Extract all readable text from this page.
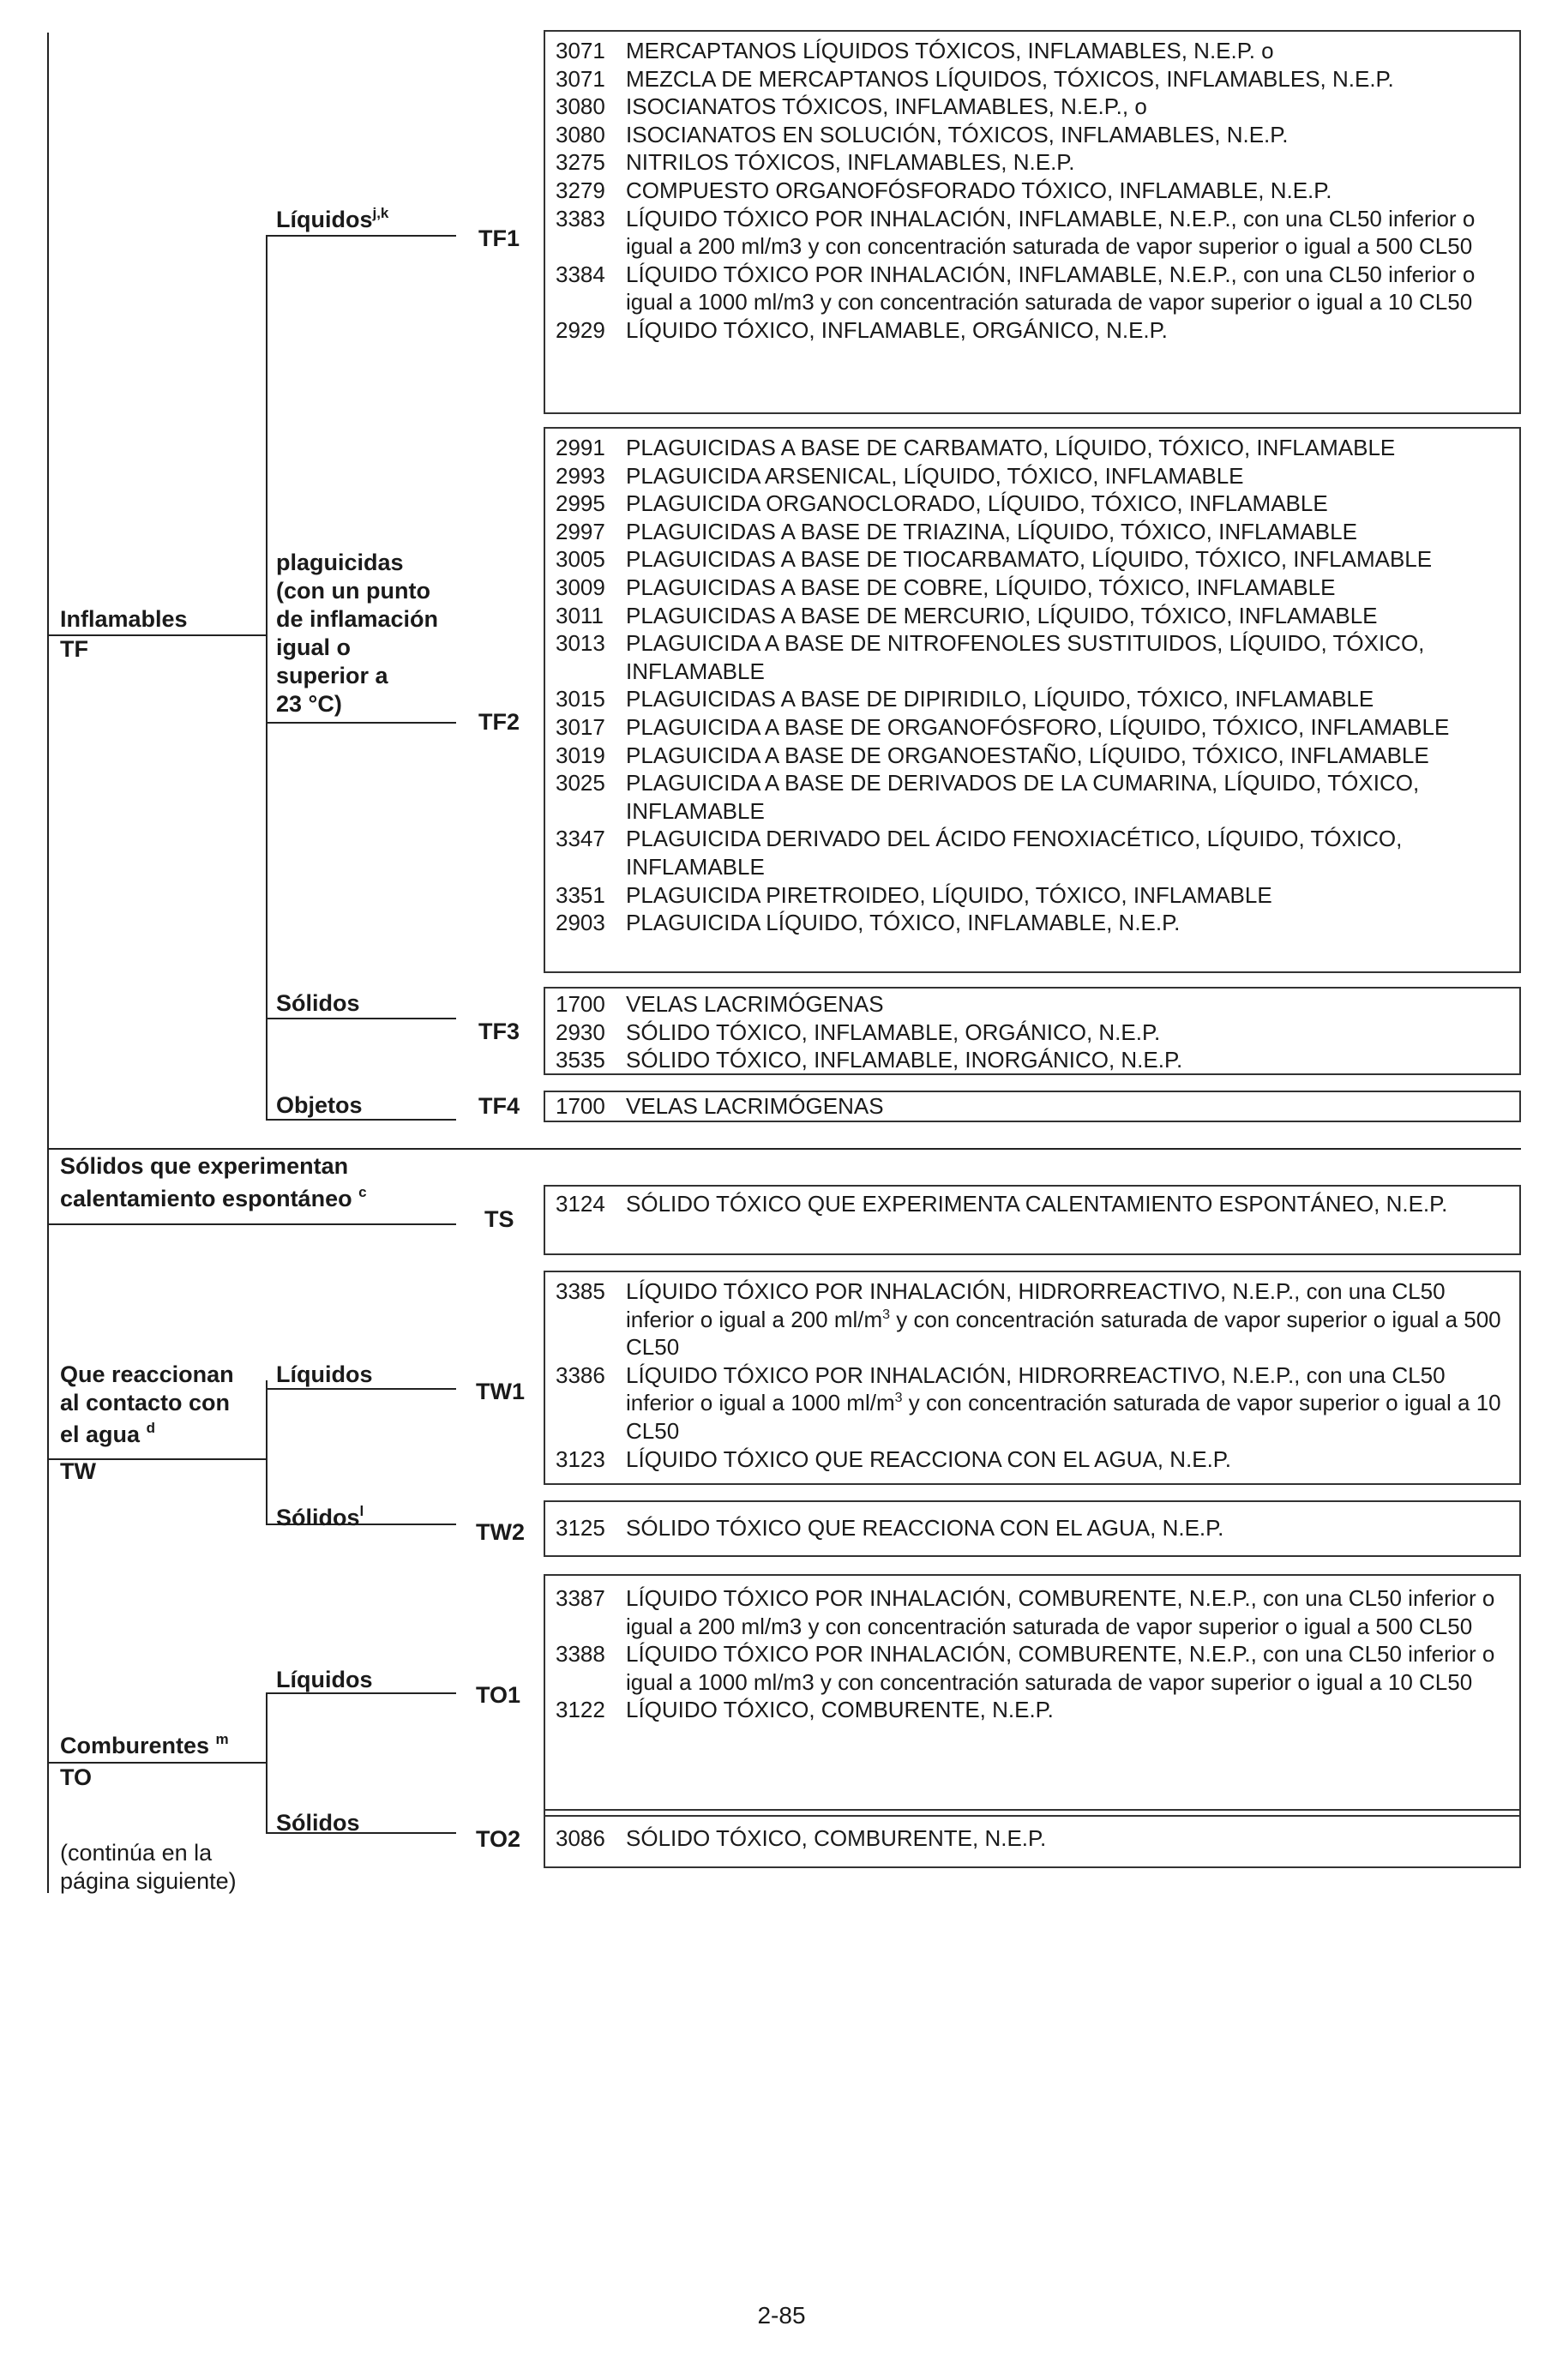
Inflamables
TF
Sólidos que experimentan
calentamiento espontáneo $^c$
Que reaccionan
al contacto con
el agua $^d$
TW
Comburentes $^m$
TO
(continúa en la
página siguiente)
Líquidos$^{j,k}$
plaguicidas
(con un punto
de inflamación
igual o
superior a
23 °C)
Sólidos
Objetos
Líquidos
Sólidos$^l$
Líquidos
Sólidos
TF1
TF2
TF3
TF4
TS
TW1
TW2
TO1
TO2
3071 MERCAPTANOS LÍQUIDOS TÓXICOS, INFLAMABLES, N.E.P. o
3071 MEZCLA DE MERCAPTANOS LÍQUIDOS, TÓXICOS, INFLAMABLES, N.E.P.
3080 ISOCIANATOS TÓXICOS, INFLAMABLES, N.E.P., o
3080 ISOCIANATOS EN SOLUCIÓN, TÓXICOS, INFLAMABLES, N.E.P.
3275 NITRILOS TÓXICOS, INFLAMABLES, N.E.P.
3279 COMPUESTO ORGANOFÓSFORADO TÓXICO, INFLAMABLE, N.E.P.
3383 LÍQUIDO TÓXICO POR INHALACIÓN, INFLAMABLE, N.E.P., con una CL50 inferior o igual a 200 ml/m3 y con concentración saturada de vapor superior o igual a 500 CL50
3384 LÍQUIDO TÓXICO POR INHALACIÓN, INFLAMABLE, N.E.P., con una CL50 inferior o igual a 1000 ml/m3 y con concentración saturada de vapor superior o igual a 10 CL50
2929 LÍQUIDO TÓXICO, INFLAMABLE, ORGÁNICO, N.E.P.
2991 PLAGUICIDAS A BASE DE CARBAMATO, LÍQUIDO, TÓXICO, INFLAMABLE
2993 PLAGUICIDA ARSENICAL, LÍQUIDO, TÓXICO, INFLAMABLE
2995 PLAGUICIDA ORGANOCLORADO, LÍQUIDO, TÓXICO, INFLAMABLE
2997 PLAGUICIDAS A BASE DE TRIAZINA, LÍQUIDO, TÓXICO, INFLAMABLE
3005 PLAGUICIDAS A BASE DE TIOCARBAMATO, LÍQUIDO, TÓXICO, INFLAMABLE
3009 PLAGUICIDAS A BASE DE COBRE, LÍQUIDO, TÓXICO, INFLAMABLE
3011	PLAGUICIDAS A BASE DE MERCURIO, LÍQUIDO, TÓXICO, INFLAMABLE
3013 PLAGUICIDA A BASE DE NITROFENOLES SUSTITUIDOS, LÍQUIDO, TÓXICO, INFLAMABLE
3015 PLAGUICIDAS A BASE DE DIPIRIDILO, LÍQUIDO, TÓXICO, INFLAMABLE
3017 PLAGUICIDA A BASE DE ORGANOFÓSFORO, LÍQUIDO, TÓXICO, INFLAMABLE
3019 PLAGUICIDA A BASE DE ORGANOESTAÑO, LÍQUIDO, TÓXICO, INFLAMABLE
3025 PLAGUICIDA A BASE DE DERIVADOS DE LA CUMARINA, LÍQUIDO, TÓXICO, INFLAMABLE
3347 PLAGUICIDA DERIVADO DEL ÁCIDO FENOXIACÉTICO, LÍQUIDO, TÓXICO, INFLAMABLE
3351 PLAGUICIDA PIRETROIDEO, LÍQUIDO, TÓXICO, INFLAMABLE
2903 PLAGUICIDA LÍQUIDO, TÓXICO, INFLAMABLE, N.E.P.
1700 VELAS LACRIMÓGENAS
2930 SÓLIDO TÓXICO, INFLAMABLE, ORGÁNICO, N.E.P.
3535 SÓLIDO TÓXICO, INFLAMABLE, INORGÁNICO, N.E.P.
1700 VELAS LACRIMÓGENAS
3124 SÓLIDO TÓXICO QUE EXPERIMENTA CALENTAMIENTO ESPONTÁNEO, N.E.P.
3385 LÍQUIDO TÓXICO POR INHALACIÓN, HIDRORREACTIVO, N.E.P., con una CL50 inferior o igual a 200 $ml/m^3$ y con concentración saturada de vapor superior o igual a 500 CL50
3386 LÍQUIDO TÓXICO POR INHALACIÓN, HIDRORREACTIVO, N.E.P., con una CL50 inferior o igual a 1000 $ml/m^3$ y con concentración saturada de vapor superior o igual a 10 CL50
3123 LÍQUIDO TÓXICO QUE REACCIONA CON EL AGUA, N.E.P.
3125 SÓLIDO TÓXICO QUE REACCIONA CON EL AGUA, N.E.P.
3387 LÍQUIDO TÓXICO POR INHALACIÓN, COMBURENTE, N.E.P., con una CL50 inferior o igual a 200 ml/m3 y con concentración saturada de vapor superior o igual a 500 CL50
3388 LÍQUIDO TÓXICO POR INHALACIÓN, COMBURENTE, N.E.P., con una CL50 inferior o igual a 1000 ml/m3 y con concentración saturada de vapor superior o igual a 10 CL50
3122 LÍQUIDO TÓXICO, COMBURENTE, N.E.P.
3086 SÓLIDO TÓXICO, COMBURENTE, N.E.P.
2-85
